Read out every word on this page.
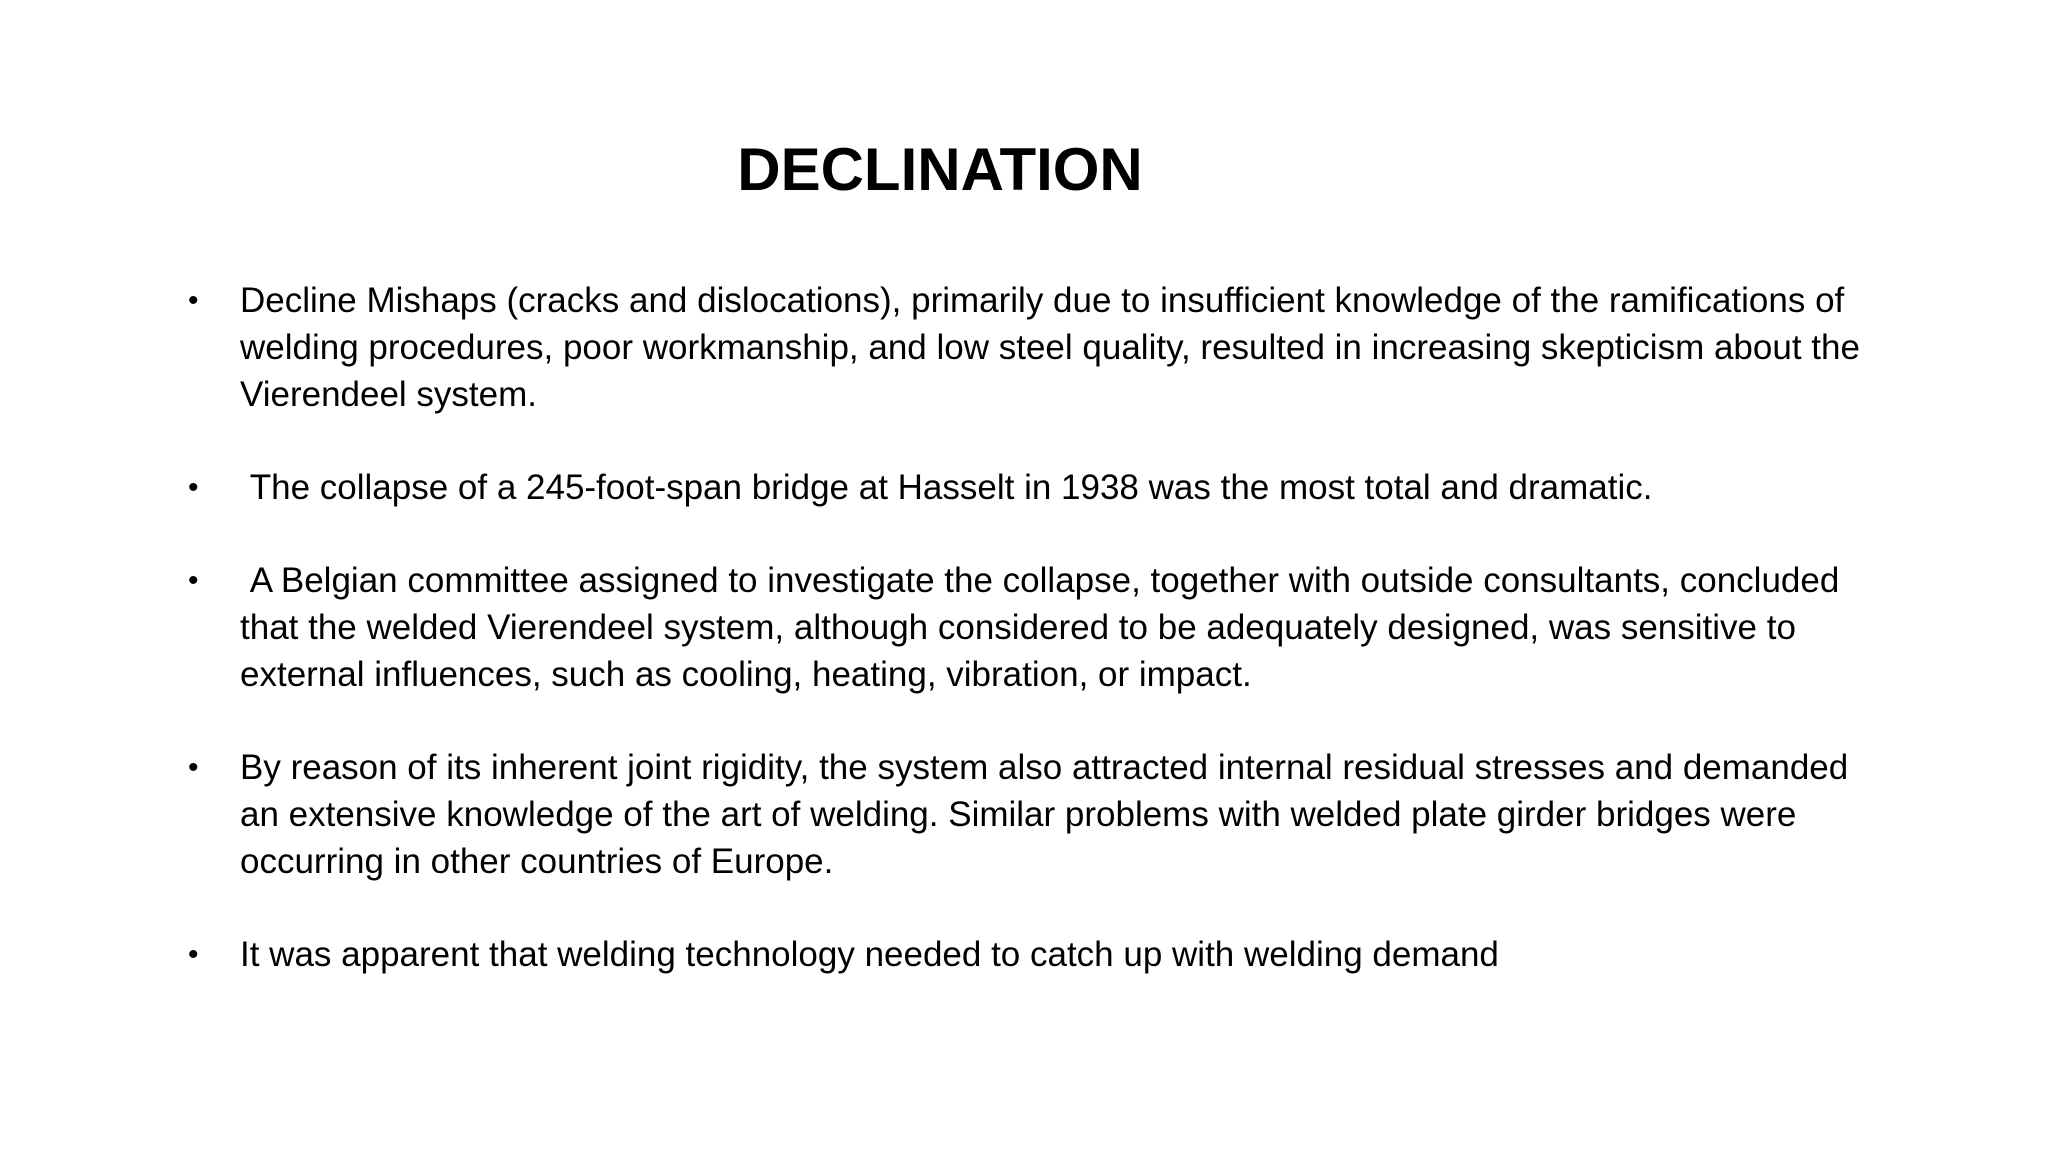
DECLINATION
•	Decline Mishaps (cracks and dislocations), primarily due to insufficient knowledge of the ramifications of welding procedures, poor workmanship, and low steel quality, resulted in increasing skepticism about the Vierendeel system.
•	The collapse of a 245-foot-span bridge at Hasselt in 1938 was the most total and dramatic.
•	A Belgian committee assigned to investigate the collapse, together with outside consultants, concluded that the welded Vierendeel system, although considered to be adequately designed, was sensitive to external influences, such as cooling, heating, vibration, or impact.
•	By reason of its inherent joint rigidity, the system also attracted internal residual stresses and demanded an extensive knowledge of the art of welding. Similar problems with welded plate girder bridges were occurring in other countries of Europe.
•	It was apparent that welding technology needed to catch up with welding demand
